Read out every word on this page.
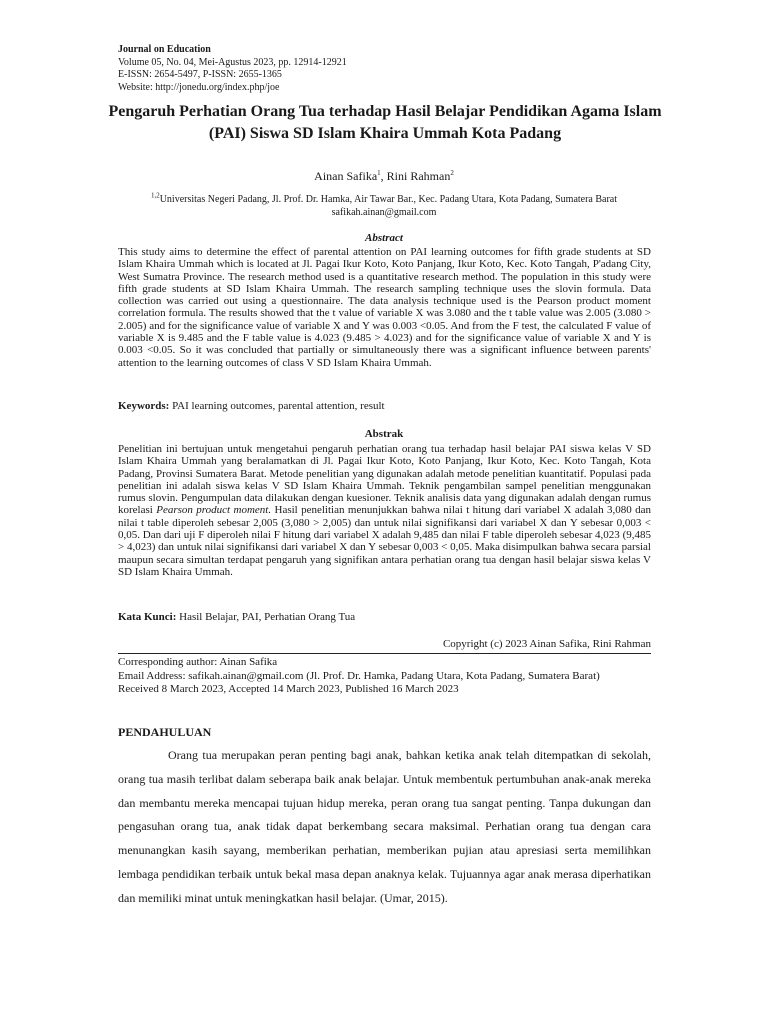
Journal on Education
Volume 05, No. 04, Mei-Agustus 2023, pp. 12914-12921
E-ISSN: 2654-5497, P-ISSN: 2655-1365
Website: http://jonedu.org/index.php/joe
Pengaruh Perhatian Orang Tua terhadap Hasil Belajar Pendidikan Agama Islam (PAI) Siswa SD Islam Khaira Ummah Kota Padang
Ainan Safika$^1$, Rini Rahman$^2$
$^{1,2}$Universitas Negeri Padang, Jl. Prof. Dr. Hamka, Air Tawar Bar., Kec. Padang Utara, Kota Padang, Sumatera Barat
safikah.ainan@gmail.com
Abstract
This study aims to determine the effect of parental attention on PAI learning outcomes for fifth grade students at SD Islam Khaira Ummah which is located at Jl. Pagai Ikur Koto, Koto Panjang, Ikur Koto, Kec. Koto Tangah, P'adang City, West Sumatra Province. The research method used is a quantitative research method. The population in this study were fifth grade students at SD Islam Khaira Ummah. The research sampling technique uses the slovin formula. Data collection was carried out using a questionnaire. The data analysis technique used is the Pearson product moment correlation formula. The results showed that the t value of variable X was 3.080 and the t table value was 2.005 (3.080 > 2.005) and for the significance value of variable X and Y was 0.003 <0.05. And from the F test, the calculated F value of variable X is 9.485 and the F table value is 4.023 (9.485 > 4.023) and for the significance value of variable X and Y is 0.003 <0.05. So it was concluded that partially or simultaneously there was a significant influence between parents' attention to the learning outcomes of class V SD Islam Khaira Ummah.
Keywords: PAI learning outcomes, parental attention, result
Abstrak
Penelitian ini bertujuan untuk mengetahui pengaruh perhatian orang tua terhadap hasil belajar PAI siswa kelas V SD Islam Khaira Ummah yang beralamatkan di Jl. Pagai Ikur Koto, Koto Panjang, Ikur Koto, Kec. Koto Tangah, Kota Padang, Provinsi Sumatera Barat. Metode penelitian yang digunakan adalah metode penelitian kuantitatif. Populasi pada penelitian ini adalah siswa kelas V SD Islam Khaira Ummah. Teknik pengambilan sampel penelitian menggunakan rumus slovin. Pengumpulan data dilakukan dengan kuesioner. Teknik analisis data yang digunakan adalah dengan rumus korelasi Pearson product moment. Hasil penelitian menunjukkan bahwa nilai t hitung dari variabel X adalah 3,080 dan nilai t table diperoleh sebesar 2,005 (3,080 > 2,005) dan untuk nilai signifikansi dari variabel X dan Y sebesar 0,003 < 0,05. Dan dari uji F diperoleh nilai F hitung dari variabel X adalah 9,485 dan nilai F table diperoleh sebesar 4,023 (9,485 > 4,023) dan untuk nilai signifikansi dari variabel X dan Y sebesar 0,003 < 0,05. Maka disimpulkan bahwa secara parsial maupun secara simultan terdapat pengaruh yang signifikan antara perhatian orang tua dengan hasil belajar siswa kelas V SD Islam Khaira Ummah.
Kata Kunci: Hasil Belajar, PAI, Perhatian Orang Tua
Copyright (c) 2023 Ainan Safika, Rini Rahman
Corresponding author: Ainan Safika
Email Address: safikah.ainan@gmail.com (Jl. Prof. Dr. Hamka, Padang Utara, Kota Padang, Sumatera Barat)
Received 8 March 2023, Accepted 14 March 2023, Published 16 March 2023
PENDAHULUAN
Orang tua merupakan peran penting bagi anak, bahkan ketika anak telah ditempatkan di sekolah, orang tua masih terlibat dalam seberapa baik anak belajar. Untuk membentuk pertumbuhan anak-anak mereka dan membantu mereka mencapai tujuan hidup mereka, peran orang tua sangat penting. Tanpa dukungan dan pengasuhan orang tua, anak tidak dapat berkembang secara maksimal. Perhatian orang tua dengan cara menunangkan kasih sayang, memberikan perhatian, memberikan pujian atau apresiasi serta memilihkan lembaga pendidikan terbaik untuk bekal masa depan anaknya kelak. Tujuannya agar anak merasa diperhatikan dan memiliki minat untuk meningkatkan hasil belajar. (Umar, 2015).
